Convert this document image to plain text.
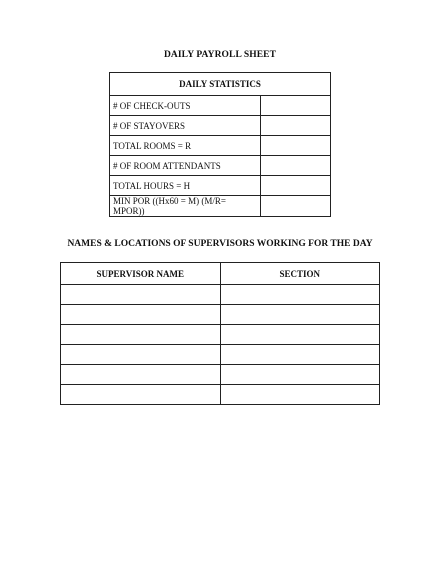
DAILY PAYROLL SHEET
DAILY STATISTICS	
# OF CHECK-OUTS	
# OF STAYOVERS	
TOTAL ROOMS = R	
# OF ROOM ATTENDANTS	
TOTAL HOURS = H	
MIN POR ((Hx60 = M) (M/R= MPOR))	
NAMES & LOCATIONS OF SUPERVISORS WORKING FOR THE DAY
SUPERVISOR NAME	SECTION
